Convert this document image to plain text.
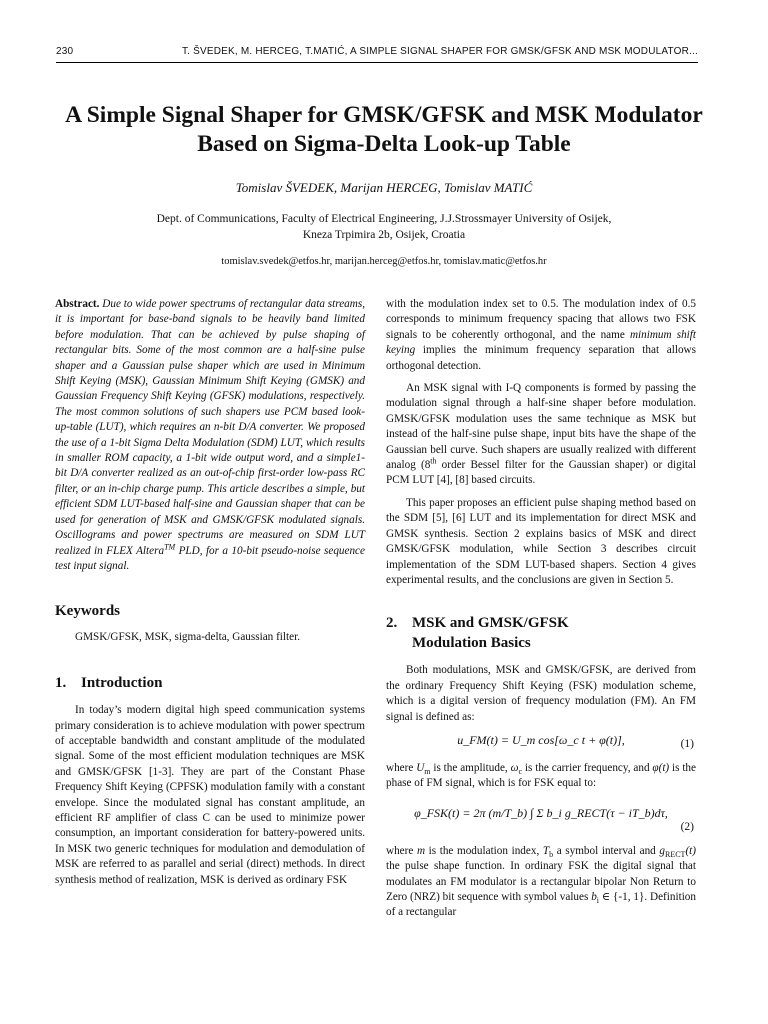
230	T. ŠVEDEK, M. HERCEG, T.MATIĆ, A SIMPLE SIGNAL SHAPER FOR GMSK/GFSK AND MSK MODULATOR...
A Simple Signal Shaper for GMSK/GFSK and MSK Modulator Based on Sigma-Delta Look-up Table
Tomislav ŠVEDEK, Marijan HERCEG, Tomislav MATIĆ
Dept. of Communications, Faculty of Electrical Engineering, J.J.Strossmayer University of Osijek,
Kneza Trpimira 2b, Osijek, Croatia
tomislav.svedek@etfos.hr, marijan.herceg@etfos.hr, tomislav.matic@etfos.hr

Abstract. Due to wide power spectrums of rectangular data streams, it is important for base-band signals to be heavily band limited before modulation. That can be achieved by pulse shaping of rectangular bits. Some of the most common are a half-sine pulse shaper and a Gaussian pulse shaper which are used in Minimum Shift Keying (MSK), Gaussian Minimum Shift Keying (GMSK) and Gaussian Frequency Shift Keying (GFSK) modulations, respectively. The most common solutions of such shapers use PCM based look-up-table (LUT), which requires an n-bit D/A converter. We proposed the use of a 1-bit Sigma Delta Modulation (SDM) LUT, which results in smaller ROM capacity, a 1-bit wide output word, and a simple1-bit D/A converter realized as an out-of-chip first-order low-pass RC filter, or an in-chip charge pump. This article describes a simple, but efficient SDM LUT-based half-sine and Gaussian shaper that can be used for generation of MSK and GMSK/GFSK modulated signals. Oscillograms and power spectrums are measured on SDM LUT realized in FLEX Altera™ PLD, for a 10-bit pseudo-noise sequence test input signal.

Keywords

GMSK/GFSK, MSK, sigma-delta, Gaussian filter.

1. Introduction

In today’s modern digital high speed communication systems primary consideration is to achieve modulation with power spectrum of acceptable bandwidth and constant amplitude of the modulated signal. Some of the most efficient modulation techniques are MSK and GMSK/GFSK [1-3]. They are part of the Constant Phase Frequency Shift Keying (CPFSK) modulation family with a constant envelope. Since the modulated signal has constant amplitude, an efficient RF amplifier of class C can be used to minimize power consumption, an important consideration for battery-powered units. In MSK two generic techniques for modulation and demodulation of MSK are referred to as parallel and serial (direct) methods. In direct synthesis method of realization, MSK is derived as ordinary FSK

with the modulation index set to 0.5. The modulation index of 0.5 corresponds to minimum frequency spacing that allows two FSK signals to be coherently orthogonal, and the name minimum shift keying implies the minimum frequency separation that allows orthogonal detection.

An MSK signal with I-Q components is formed by passing the modulation signal through a half-sine shaper before modulation. GMSK/GFSK modulation uses the same technique as MSK but instead of the half-sine pulse shape, input bits have the shape of the Gaussian bell curve. Such shapers are usually realized with different analog (8th order Bessel filter for the Gaussian shaper) or digital PCM LUT [4], [8] based circuits.

This paper proposes an efficient pulse shaping method based on the SDM [5], [6] LUT and its implementation for direct MSK and GMSK synthesis. Section 2 explains basics of MSK and direct GMSK/GFSK modulation, while Section 3 describes circuit implementation of the SDM LUT-based shapers. Section 4 gives experimental results, and the conclusions are given in Section 5.

2. MSK and GMSK/GFSK
Modulation Basics

Both modulations, MSK and GMSK/GFSK, are derived from the ordinary Frequency Shift Keying (FSK) modulation scheme, which is a digital version of frequency modulation (FM). An FM signal is defined as:

u_FM(t) = U_m cos[ω_c t + φ(t)],	(1)

where $U_m$ is the amplitude, $\omega_c$ is the carrier frequency, and φ(t) is the phase of FM signal, which is for FSK equal to:

φ_FSK(t) = 2π (m/T_b) ∫ Σ b_i g_RECT(τ − iT_b)dτ,
(2)

where m is the modulation index, $T_b$ a symbol interval and $g_{RECT}(t)$ the pulse shape function. In ordinary FSK the digital signal that modulates an FM modulator is a rectangular bipolar Non Return to Zero (NRZ) bit sequence with symbol values $b_i$ ∈ {-1, 1}. Definition of a rectangular
